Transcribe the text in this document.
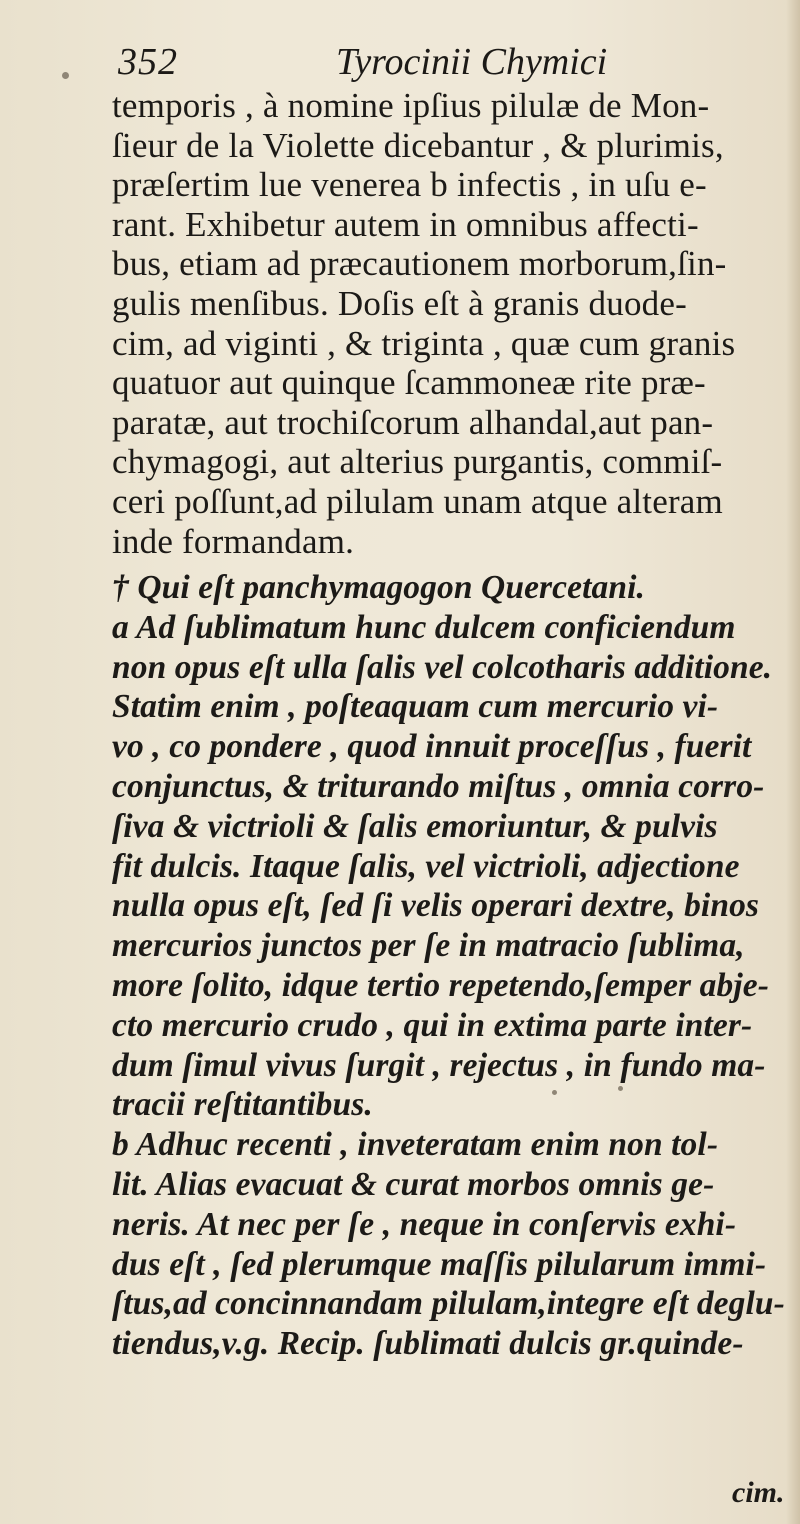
352	Tyrocinii Chymici
temporis , à nomine ipſius pilulæ de Mon-
ſieur de la Violette dicebantur , & plurimis,
præſertim lue venerea b infectis , in uſu e-
rant. Exhibetur autem in omnibus affecti-
bus, etiam ad præcautionem morborum,ſin-
gulis menſibus. Doſis eſt à granis duode-
cim, ad viginti , & triginta , quæ cum granis
quatuor aut quinque ſcammoneæ rite præ-
paratæ, aut trochiſcorum alhandal,aut pan-
chymagogi, aut alterius purgantis, commiſ-
ceri poſſunt,ad pilulam unam atque alteram
inde formandam.
† Qui eſt panchymagogon Quercetani.
a Ad ſublimatum hunc dulcem conficiendum
non opus eſt ulla ſalis vel colcotharis additione.
Statim enim , poſteaquam cum mercurio vi-
vo , co pondere , quod innuit proceſſus , fuerit
conjunctus, & triturando miſtus , omnia corro-
ſiva & victrioli & ſalis emoriuntur, & pulvis
fit dulcis. Itaque ſalis, vel victrioli, adjectione
nulla opus eſt, ſed ſi velis operari dextre, binos
mercurios junctos per ſe in matracio ſublima,
more ſolito, idque tertio repetendo,ſemper abje-
cto mercurio crudo , qui in extima parte inter-
dum ſimul vivus ſurgit , rejectus , in fundo ma-
tracii reſtitantibus.
b Adhuc recenti , inveteratam enim non tol-
lit. Alias evacuat & curat morbos omnis ge-
neris. At nec per ſe , neque in conſervis exhi-
dus eſt , ſed plerumque maſſis pilularum immi-
ſtus,ad concinnandam pilulam,integre eſt deglu-
tiendus,v.g. Recip. ſublimati dulcis gr.quinde-
cim.
